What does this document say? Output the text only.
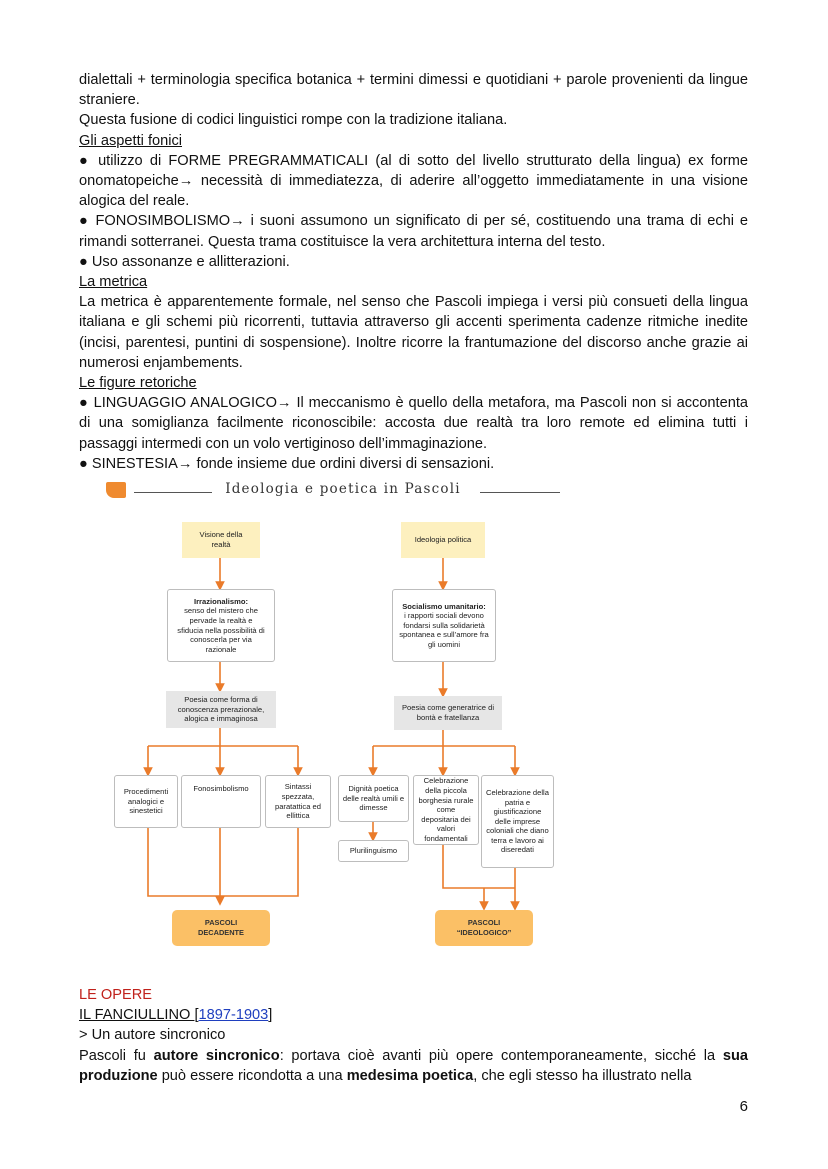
dialettali + terminologia specifica botanica + termini dimessi e quotidiani + parole provenienti da lingue straniere.

Questa fusione di codici linguistici rompe con la tradizione italiana.

Gli aspetti fonici

● utilizzo di FORME PREGRAMMATICALI (al di sotto del livello strutturato della lingua) ex forme onomatopeiche→ necessità di immediatezza, di aderire all’oggetto immediatamente in una visione alogica del reale.

● FONOSIMBOLISMO→ i suoni assumono un significato di per sé, costituendo una trama di echi e rimandi sotterranei. Questa trama costituisce la vera architettura interna del testo.

● Uso assonanze e allitterazioni.

La metrica

La metrica è apparentemente formale, nel senso che Pascoli impiega i versi più consueti della lingua italiana e gli schemi più ricorrenti, tuttavia attraverso gli accenti sperimenta cadenze ritmiche inedite (incisi, parentesi, puntini di sospensione). Inoltre ricorre la frantumazione del discorso anche grazie ai numerosi enjambements.

Le figure retoriche

● LINGUAGGIO ANALOGICO→ Il meccanismo è quello della metafora, ma Pascoli non si accontenta di una somiglianza facilmente riconoscibile: accosta due realtà tra loro remote ed elimina tutti i passaggi intermedi con un volo vertiginoso dell’immaginazione.

● SINESTESIA→ fonde insieme due ordini diversi di sensazioni.

Ideologia e poetica in Pascoli
Visione della realtà
Ideologia politica
Irrazionalismo:
senso del mistero che pervade la realtà e sfiducia nella possibilità di conoscerla per via razionale
Socialismo umanitario:
i rapporti sociali devono fondarsi sulla solidarietà spontanea e sull’amore fra gli uomini
Poesia come forma di conoscenza prerazionale, alogica e immaginosa
Poesia come generatrice di bontà e fratellanza
Procedimenti analogici e sinestetici
Fonosimbolismo	Sintassi spezzata, paratattica ed ellittica
Dignità poetica delle realtà umili e dimesse
Plurilinguismo
Celebrazione della piccola borghesia rurale come depositaria dei valori fondamentali
Celebrazione della patria e giustificazione delle imprese coloniali che diano terra e lavoro ai diseredati
PASCOLI
DECADENTE
PASCOLI
“IDEOLOGICO”

LE OPERE

IL FANCIULLINO [1897-1903]

> Un autore sincronico

Pascoli fu autore sincronico: portava cioè avanti più opere contemporaneamente, sicché la sua produzione può essere ricondotta a una medesima poetica, che egli stesso ha illustrato nella

6
